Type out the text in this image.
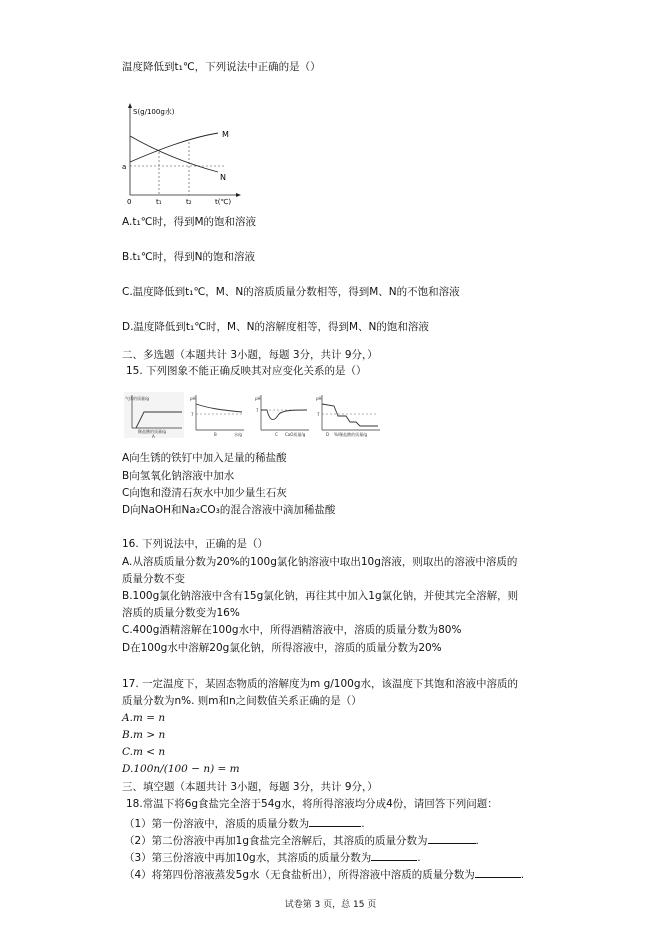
温度降低到t₁℃，下列说法中正确的是（）
S(g/100g水)
a
0	t₁	t₂	t(℃)
M
N
A.t₁℃时，得到M的饱和溶液
B.t₁℃时，得到N的饱和溶液
C.温度降低到t₁℃，M、N的溶质质量分数相等，得到M、N的不饱和溶液
D.温度降低到t₁℃时，M、N的溶解度相等，得到M、N的饱和溶液
二、多选题（本题共计 3小题，每题 3分，共计 9分，）
15. 下列图象不能正确反映其对应变化关系的是（）
气体的质量/g
稀盐酸的质量/g
A
pH
7
水/g
B
pH
7
CaO质量/g
C
pH
7
%/稀盐酸的质量/g
D
A向生锈的铁钉中加入足量的稀盐酸
B向氢氧化钠溶液中加水
C向饱和澄清石灰水中加少量生石灰
D向NaOH和Na₂CO₃的混合溶液中滴加稀盐酸
16. 下列说法中，正确的是（）
A.从溶质质量分数为20%的100g氯化钠溶液中取出10g溶液，则取出的溶液中溶质的
质量分数不变
B.100g氯化钠溶液中含有15g氯化钠，再往其中加入1g氯化钠，并使其完全溶解，则
溶质的质量分数变为16%
C.400g酒精溶解在100g水中，所得酒精溶液中，溶质的质量分数为80%
D在100g水中溶解20g氯化钠，所得溶液中，溶质的质量分数为20%
17. 一定温度下，某固态物质的溶解度为m g/100g水，该温度下其饱和溶液中溶质的
质量分数为n%. 则m和n之间数值关系正确的是（）
A.m = n
B.m > n
C.m < n
D.100n/(100 − n) = m
三、填空题（本题共计 3小题，每题 3分，共计 9分，）
18.常温下将6g食盐完全溶于54g水，将所得溶液均分成4份，请回答下列问题：
（1）第一份溶液中，溶质的质量分数为	.
（2）第二份溶液中再加1g食盐完全溶解后，其溶质的质量分数为	.
（3）第三份溶液中再加10g水，其溶质的质量分数为	.
（4）将第四份溶液蒸发5g水（无食盐析出），所得溶液中溶质的质量分数为	.
试卷第 3 页，总 15 页
